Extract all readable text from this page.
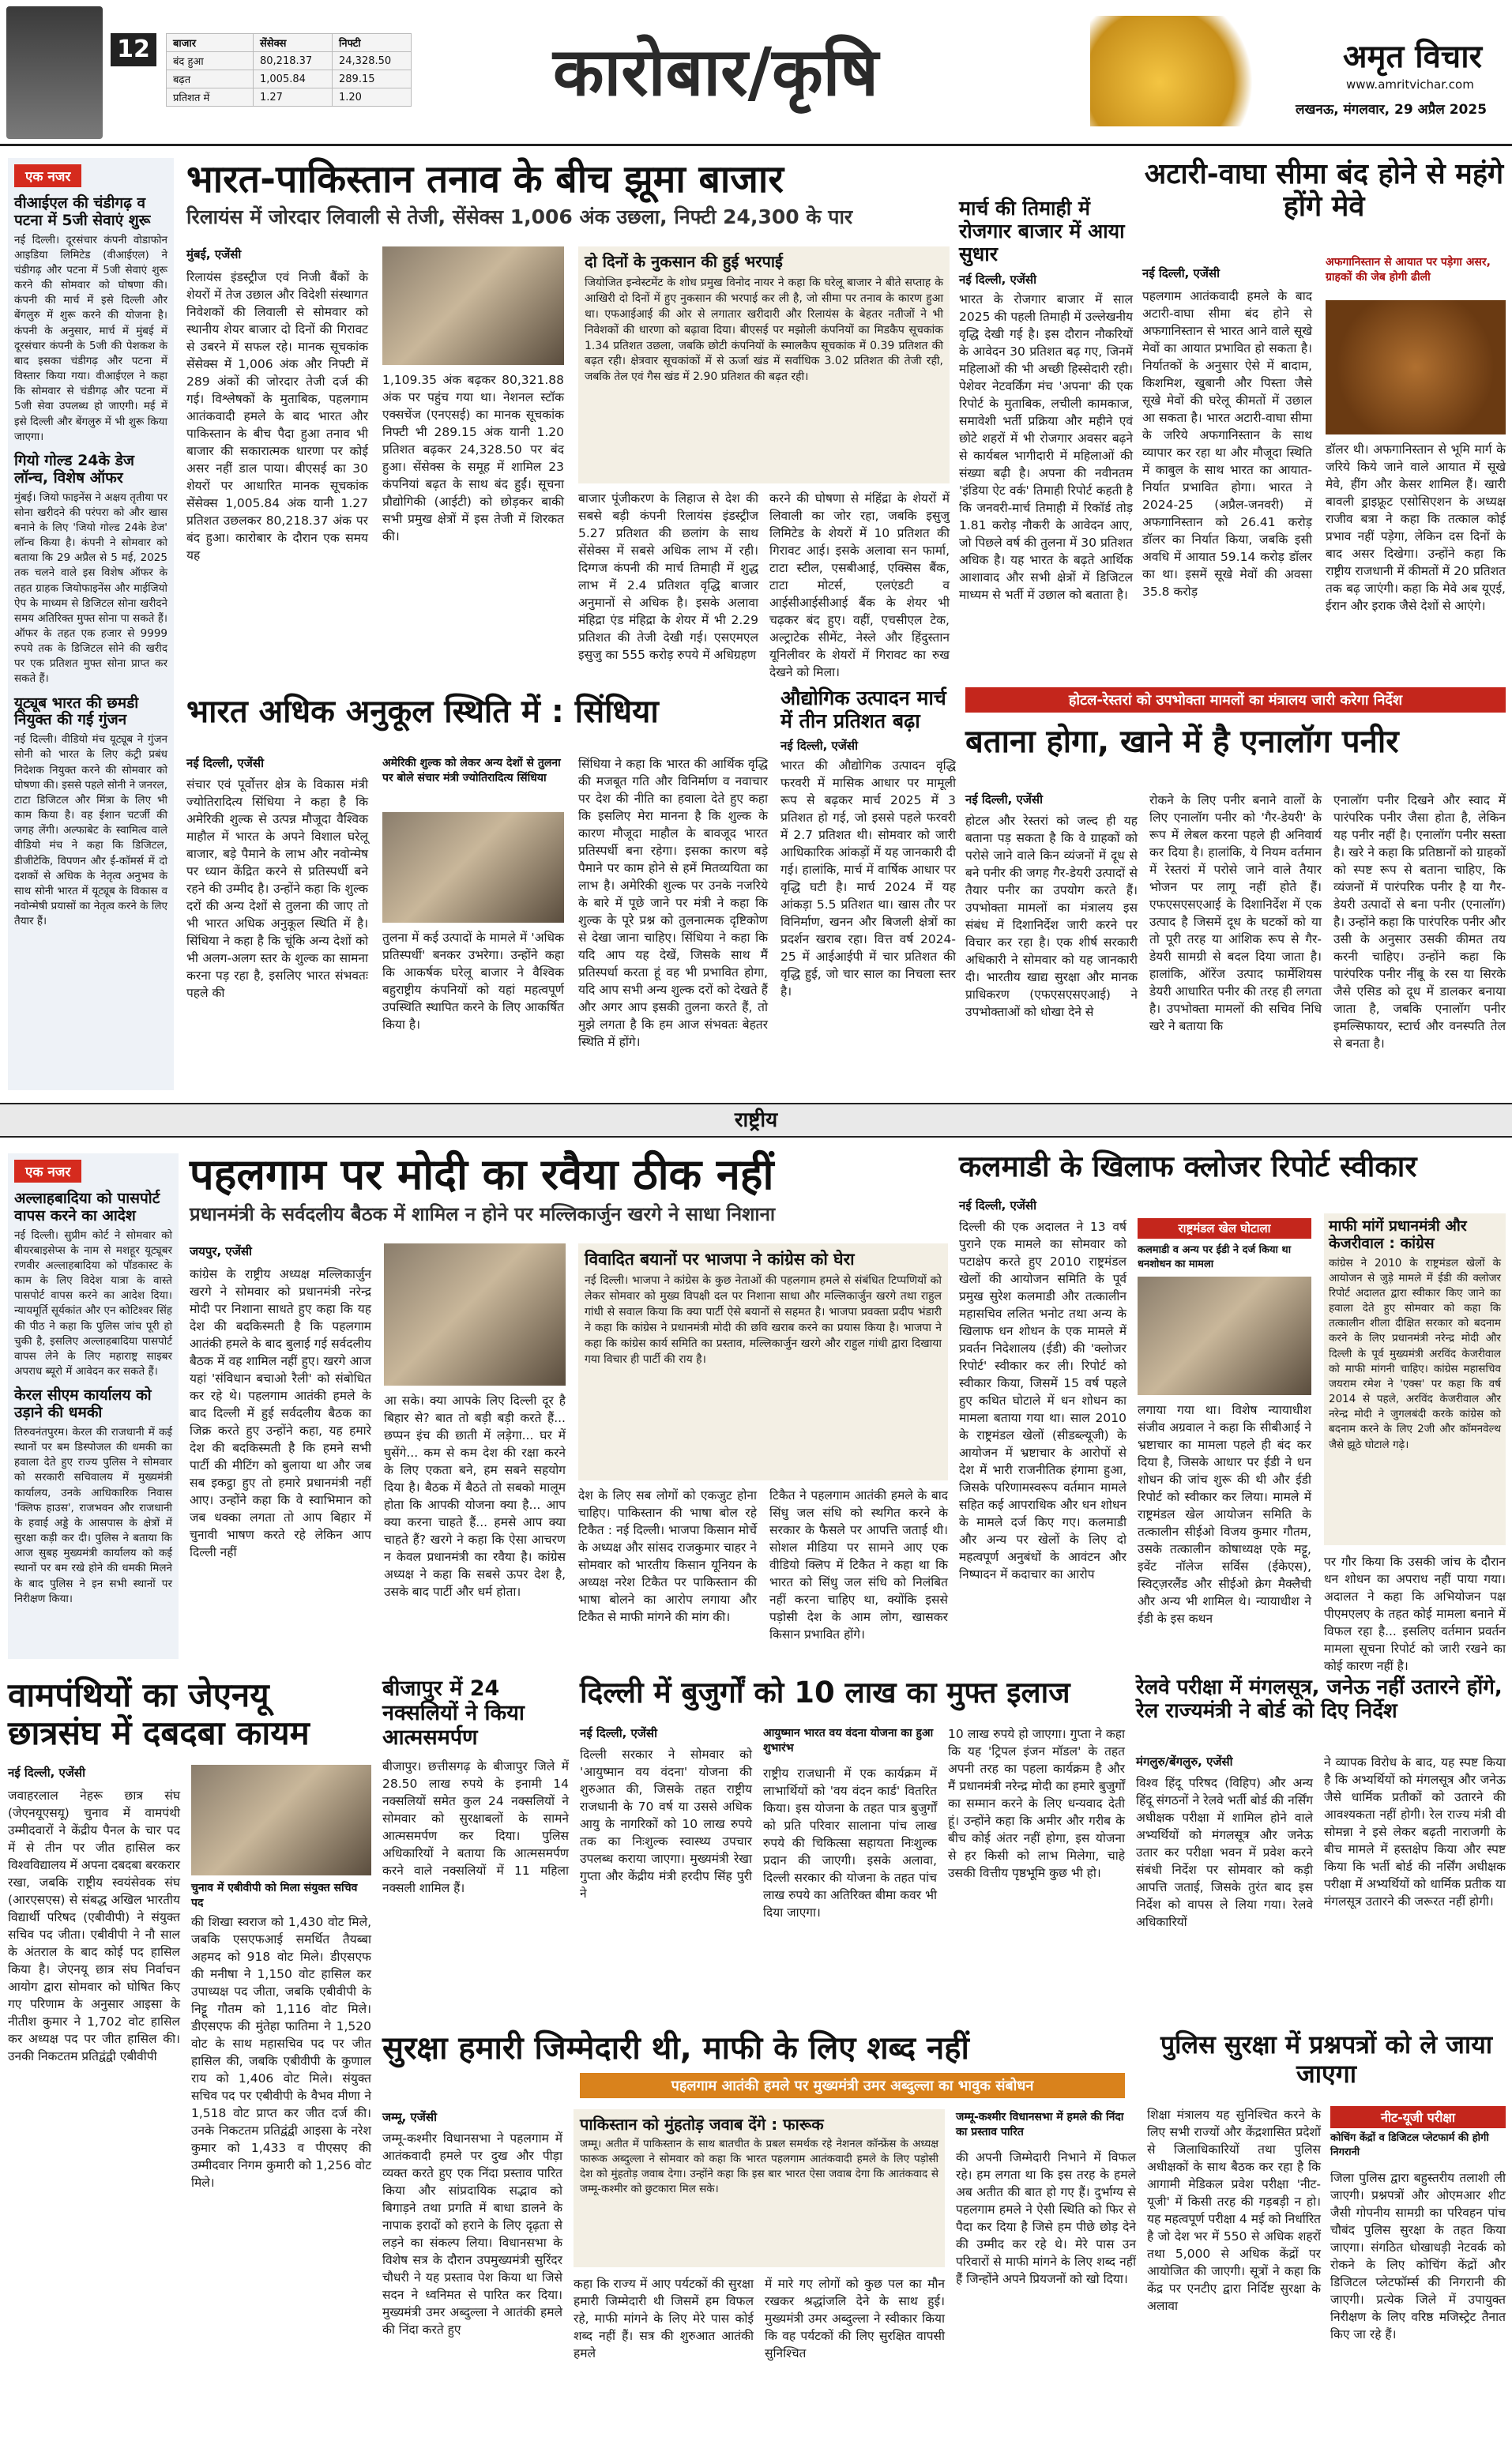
12	बाजार	सेंसेक्स	निफ्टी
बंद हुआ	80,218.37	24,328.50
बढ़त	1,005.84	289.15
प्रतिशत में	1.27	1.20	कारोबार/कृषि	अमृत विचार
www.amritvichar.com
लखनऊ, मंगलवार, 29 अप्रैल 2025
एक नजर
वीआईएल की चंडीगढ़ व पटना में 5जी सेवाएं शुरू
नई दिल्ली। दूरसंचार कंपनी वोडाफोन आइडिया लिमिटेड (वीआईएल) ने चंडीगढ़ और पटना में 5जी सेवाएं शुरू करने की सोमवार को घोषणा की। कंपनी की मार्च में इसे दिल्ली और बेंगलुरु में शुरू करने की योजना है। कंपनी के अनुसार, मार्च में मुंबई में दूरसंचार कंपनी के 5जी की पेशकश के बाद इसका चंडीगढ़ और पटना में विस्तार किया गया। वीआईएल ने कहा कि सोमवार से चंडीगढ़ और पटना में 5जी सेवा उपलब्ध हो जाएगी। मई में इसे दिल्ली और बेंगलुरु में भी शुरू किया जाएगा।
गियो गोल्ड 24के डेज लॉन्च, विशेष ऑफर
मुंबई। जियो फाइनेंस ने अक्षय तृतीया पर सोना खरीदने की परंपरा को और खास बनाने के लिए 'जियो गोल्ड 24के डेज' लॉन्च किया है। कंपनी ने सोमवार को बताया कि 29 अप्रैल से 5 मई, 2025 तक चलने वाले इस विशेष ऑफर के तहत ग्राहक जियोफाइनेंस और माईजियो ऐप के माध्यम से डिजिटल सोना खरीदने समय अतिरिक्त मुफ्त सोना पा सकते हैं। ऑफर के तहत एक हजार से 9999 रुपये तक के डिजिटल सोने की खरीद पर एक प्रतिशत मुफ्त सोना प्राप्त कर सकते हैं।
यूट्यूब भारत की छमडी नियुक्त की गई गुंजन
नई दिल्ली। वीडियो मंच यूट्यूब ने गुंजन सोनी को भारत के लिए कंट्री प्रबंध निदेशक नियुक्त करने की सोमवार को घोषणा की। इससे पहले सोनी ने जनरल, टाटा डिजिटल और मिंत्रा के लिए भी काम किया है। वह ईशान चटर्जी की जगह लेंगी। अल्फाबेट के स्वामित्व वाले वीडियो मंच ने कहा कि डिजिटल, डीजीटेकि, विपणन और ई-कॉमर्स में दो दशकों से अधिक के नेतृत्व अनुभव के साथ सोनी भारत में यूट्यूब के विकास व नवोन्मेषी प्रयासों का नेतृत्व करने के लिए तैयार हैं।
भारत-पाकिस्तान तनाव के बीच झूमा बाजार
रिलायंस में जोरदार लिवाली से तेजी, सेंसेक्स 1,006 अंक उछला, निफ्टी 24,300 के पार
मुंबई, एजेंसी
रिलायंस इंडस्ट्रीज एवं निजी बैंकों के शेयरों में तेज उछाल और विदेशी संस्थागत निवेशकों की लिवाली से सोमवार को स्थानीय शेयर बाजार दो दिनों की गिरावट से उबरने में सफल रहे। मानक सूचकांक सेंसेक्स में 1,006 अंक और निफ्टी में 289 अंकों की जोरदार तेजी दर्ज की गई। विश्लेषकों के मुताबिक, पहलगाम आतंकवादी हमले के बाद भारत और पाकिस्तान के बीच पैदा हुआ तनाव भी बाजार की सकारात्मक धारणा पर कोई असर नहीं डाल पाया। बीएसई का 30 शेयरों पर आधारित मानक सूचकांक सेंसेक्स 1,005.84 अंक यानी 1.27 प्रतिशत उछलकर 80,218.37 अंक पर बंद हुआ। कारोबार के दौरान एक समय यह
1,109.35 अंक बढ़कर 80,321.88 अंक पर पहुंच गया था। नेशनल स्टॉक एक्सचेंज (एनएसई) का मानक सूचकांक निफ्टी भी 289.15 अंक यानी 1.20 प्रतिशत बढ़कर 24,328.50 पर बंद हुआ। सेंसेक्स के समूह में शामिल 23 कंपनियां बढ़त के साथ बंद हुईं। सूचना प्रौद्योगिकी (आईटी) को छोड़कर बाकी सभी प्रमुख क्षेत्रों में इस तेजी में शिरकत की।
दो दिनों के नुकसान की हुई भरपाई
जियोजित इन्वेस्टमेंट के शोध प्रमुख विनोद नायर ने कहा कि घरेलू बाजार ने बीते सप्ताह के आखिरी दो दिनों में हुए नुकसान की भरपाई कर ली है, जो सीमा पर तनाव के कारण हुआ था। एफआईआई की ओर से लगातार खरीदारी और रिलायंस के बेहतर नतीजों ने भी निवेशकों की धारणा को बढ़ावा दिया। बीएसई पर मझोली कंपनियों का मिडकैप सूचकांक 1.34 प्रतिशत उछला, जबकि छोटी कंपनियों के स्मालकैप सूचकांक में 0.39 प्रतिशत की बढ़त रही। क्षेत्रवार सूचकांकों में से ऊर्जा खंड में सर्वाधिक 3.02 प्रतिशत की तेजी रही, जबकि तेल एवं गैस खंड में 2.90 प्रतिशत की बढ़त रही।
बाजार पूंजीकरण के लिहाज से देश की सबसे बड़ी कंपनी रिलायंस इंडस्ट्रीज 5.27 प्रतिशत की छलांग के साथ सेंसेक्स में सबसे अधिक लाभ में रही। दिग्गज कंपनी की मार्च तिमाही में शुद्ध लाभ में 2.4 प्रतिशत वृद्धि बाजार अनुमानों से अधिक है। इसके अलावा मंहिद्रा एंड मंहिद्रा के शेयर में भी 2.29 प्रतिशत की तेजी देखी गई। एसएमएल इसुजु का 555 करोड़ रुपये में अधिग्रहण
करने की घोषणा से मंहिंद्रा के शेयरों में लिवाली का जोर रहा, जबकि इसुजु लिमिटेड के शेयरों में 10 प्रतिशत की गिरावट आई। इसके अलावा सन फार्मा, टाटा स्टील, एसबीआई, एक्सिस बैंक, टाटा मोटर्स, एलएंडटी व आईसीआईसीआई बैंक के शेयर भी चढ़कर बंद हुए। वहीं, एचसीएल टेक, अल्ट्राटेक सीमेंट, नेस्ले और हिंदुस्तान यूनिलीवर के शेयरों में गिरावट का रुख देखने को मिला।
मार्च की तिमाही में रोजगार बाजार में आया सुधार
नई दिल्ली, एजेंसी
भारत के रोजगार बाजार में साल 2025 की पहली तिमाही में उल्लेखनीय वृद्धि देखी गई है। इस दौरान नौकरियों के आवेदन 30 प्रतिशत बढ़ गए, जिनमें महिलाओं की भी अच्छी हिस्सेदारी रही। पेशेवर नेटवर्किंग मंच 'अपना' की एक रिपोर्ट के मुताबिक, लचीली कामकाज, समावेशी भर्ती प्रक्रिया और महीने एवं छोटे शहरों में भी रोजगार अवसर बढ़ने से कार्यबल भागीदारी में महिलाओं की संख्या बढ़ी है। अपना की नवीनतम 'इंडिया ऐट वर्क' तिमाही रिपोर्ट कहती है कि जनवरी-मार्च तिमाही में रिकॉर्ड तोड़ 1.81 करोड़ नौकरी के आवेदन आए, जो पिछले वर्ष की तुलना में 30 प्रतिशत अधिक है। यह भारत के बढ़ते आर्थिक आशावाद और सभी क्षेत्रों में डिजिटल माध्यम से भर्ती में उछाल को बताता है।
अटारी-वाघा सीमा बंद होने से महंगे होंगे मेवे
नई दिल्ली, एजेंसी
पहलगाम आतंकवादी हमले के बाद अटारी-वाघा सीमा बंद होने से अफगानिस्तान से भारत आने वाले सूखे मेवों का आयात प्रभावित हो सकता है। निर्यातकों के अनुसार ऐसे में बादाम, किशमिश, खुबानी और पिस्ता जैसे सूखे मेवों की घरेलू कीमतों में उछाल आ सकता है। भारत अटारी-वाघा सीमा के जरिये अफगानिस्तान के साथ व्यापार कर रहा था और मौजूदा स्थिति में काबुल के साथ भारत का आयात-निर्यात प्रभावित होगा। भारत ने 2024-25 (अप्रैल-जनवरी) में अफगानिस्तान को 26.41 करोड़ डॉलर का निर्यात किया, जबकि इसी अवधि में आयात 59.14 करोड़ डॉलर का था। इसमें सूखे मेवों की अवसा 35.8 करोड़
अफगानिस्तान से आयात पर पड़ेगा असर, ग्राहकों की जेब होगी ढीली
डॉलर थी। अफगानिस्तान से भूमि मार्ग के जरिये किये जाने वाले आयात में सूखे मेवे, हींग और केसर शामिल हैं। खारी बावली ड्राइफ्रूट एसोसिएशन के अध्यक्ष राजीव बत्रा ने कहा कि तत्काल कोई प्रभाव नहीं पड़ेगा, लेकिन दस दिनों के बाद असर दिखेगा। उन्होंने कहा कि राष्ट्रीय राजधानी में कीमतों में 20 प्रतिशत तक बढ़ जाएंगी। कहा कि मेवे अब यूएई, ईरान और इराक जैसे देशों से आएंगे।
भारत अधिक अनुकूल स्थिति में : सिंधिया
नई दिल्ली, एजेंसी
संचार एवं पूर्वोत्तर क्षेत्र के विकास मंत्री ज्योतिरादित्य सिंधिया ने कहा है कि अमेरिकी शुल्क से उत्पन्न मौजूदा वैश्विक माहौल में भारत के अपने विशाल घरेलू बाजार, बड़े पैमाने के लाभ और नवोन्मेष पर ध्यान केंद्रित करने से प्रतिस्पर्धी बने रहने की उम्मीद है। उन्होंने कहा कि शुल्क दरों की अन्य देशों से तुलना की जाए तो भी भारत अधिक अनुकूल स्थिति में है। सिंधिया ने कहा है कि चूंकि अन्य देशों को भी अलग-अलग स्तर के शुल्क का सामना करना पड़ रहा है, इसलिए भारत संभवतः पहले की
अमेरिकी शुल्क को लेकर अन्य देशों से तुलना पर बोले संचार मंत्री ज्योतिरादित्य सिंधिया
तुलना में कई उत्पादों के मामले में 'अधिक प्रतिस्पर्धी' बनकर उभरेगा। उन्होंने कहा कि आकर्षक घरेलू बाजार ने वैश्विक बहुराष्ट्रीय कंपनियों को यहां महत्वपूर्ण उपस्थिति स्थापित करने के लिए आकर्षित किया है।
सिंधिया ने कहा कि भारत की आर्थिक वृद्धि की मजबूत गति और विनिर्माण व नवाचार पर देश की नीति का हवाला देते हुए कहा कि इसलिए मेरा मानना है कि शुल्क के कारण मौजूदा माहौल के बावजूद भारत प्रतिस्पर्धी बना रहेगा। इसका कारण बड़े पैमाने पर काम होने से हमें मितव्ययिता का लाभ है। अमेरिकी शुल्क पर उनके नजरिये के बारे में पूछे जाने पर मंत्री ने कहा कि शुल्क के पूरे प्रश्न को तुलनात्मक दृष्टिकोण से देखा जाना चाहिए। सिंधिया ने कहा कि यदि आप यह देखें, जिसके साथ मैं प्रतिस्पर्धा करता हूं वह भी प्रभावित होगा, यदि आप सभी अन्य शुल्क दरों को देखते हैं और अगर आप इसकी तुलना करते हैं, तो मुझे लगता है कि हम आज संभवतः बेहतर स्थिति में होंगे।
औद्योगिक उत्पादन मार्च में तीन प्रतिशत बढ़ा
नई दिल्ली, एजेंसी
भारत की औद्योगिक उत्पादन वृद्धि फरवरी में मासिक आधार पर मामूली रूप से बढ़कर मार्च 2025 में 3 प्रतिशत हो गई, जो इससे पहले फरवरी में 2.7 प्रतिशत थी। सोमवार को जारी आधिकारिक आंकड़ों में यह जानकारी दी गई। हालांकि, मार्च में वार्षिक आधार पर वृद्धि घटी है। मार्च 2024 में यह आंकड़ा 5.5 प्रतिशत था। खास तौर पर विनिर्माण, खनन और बिजली क्षेत्रों का प्रदर्शन खराब रहा। वित्त वर्ष 2024-25 में आईआईपी में चार प्रतिशत की वृद्धि हुई, जो चार साल का निचला स्तर है।
होटल-रेस्तरां को उपभोक्ता मामलों का मंत्रालय जारी करेगा निर्देश
बताना होगा, खाने में है एनालॉग पनीर
नई दिल्ली, एजेंसी
होटल और रेस्तरां को जल्द ही यह बताना पड़ सकता है कि वे ग्राहकों को परोसे जाने वाले किन व्यंजनों में दूध से बने पनीर की जगह गैर-डेयरी उत्पादों से तैयार पनीर का उपयोग करते हैं। उपभोक्ता मामलों का मंत्रालय इस संबंध में दिशानिर्देश जारी करने पर विचार कर रहा है। एक शीर्ष सरकारी अधिकारी ने सोमवार को यह जानकारी दी। भारतीय खाद्य सुरक्षा और मानक प्राधिकरण (एफएसएसएआई) ने उपभोक्ताओं को धोखा देने से
रोकने के लिए पनीर बनाने वालों के लिए एनालॉग पनीर को 'गैर-डेयरी' के रूप में लेबल करना पहले ही अनिवार्य कर दिया है। हालांकि, ये नियम वर्तमान में रेस्तरां में परोसे जाने वाले तैयार भोजन पर लागू नहीं होते हैं। एफएसएसएआई के दिशानिर्देश में एक उत्पाद है जिसमें दूध के घटकों को या तो पूरी तरह या आंशिक रूप से गैर-डेयरी सामग्री से बदल दिया जाता है। हालांकि, ऑरेंज उत्पाद फार्मेशियस डेयरी आधारित पनीर की तरह ही लगता है। उपभोक्ता मामलों की सचिव निधि खरे ने बताया कि
एनालॉग पनीर दिखने और स्वाद में पारंपरिक पनीर जैसा होता है, लेकिन यह पनीर नहीं है। एनालॉग पनीर सस्ता है। खरे ने कहा कि प्रतिष्ठानों को ग्राहकों को स्पष्ट रूप से बताना चाहिए, कि व्यंजनों में पारंपरिक पनीर है या गैर-डेयरी उत्पादों से बना पनीर (एनालॉग) है। उन्होंने कहा कि पारंपरिक पनीर और उसी के अनुसार उसकी कीमत तय करनी चाहिए। उन्होंने कहा कि पारंपरिक पनीर नींबू के रस या सिरके जैसे एसिड को दूध में डालकर बनाया जाता है, जबकि एनालॉग पनीर इमल्सिफायर, स्टार्च और वनस्पति तेल से बनता है।
राष्ट्रीय
एक नजर
अल्लाहबादिया को पासपोर्ट वापस करने का आदेश
नई दिल्ली। सुप्रीम कोर्ट ने सोमवार को बीयरबाइसेप्स के नाम से मशहूर यूट्यूबर रणवीर अल्लाहबादिया को पॉडकास्ट के काम के लिए विदेश यात्रा के वास्ते पासपोर्ट वापस करने का आदेश दिया। न्यायमूर्ति सूर्यकांत और एन कोटिश्वर सिंह की पीठ ने कहा कि पुलिस जांच पूरी हो चुकी है, इसलिए अल्लाहबादिया पासपोर्ट वापस लेने के लिए महाराष्ट्र साइबर अपराध ब्यूरो में आवेदन कर सकते हैं।
केरल सीएम कार्यालय को उड़ाने की धमकी
तिरुवनंतपुरम। केरल की राजधानी में कई स्थानों पर बम डिस्पोजल की धमकी का हवाला देते हुए राज्य पुलिस ने सोमवार को सरकारी सचिवालय में मुख्यमंत्री कार्यालय, उनके आधिकारिक निवास 'क्लिफ हाउस', राजभवन और राजधानी के हवाई अड्डे के आसपास के क्षेत्रों में सुरक्षा कड़ी कर दी। पुलिस ने बताया कि आज सुबह मुख्यमंत्री कार्यालय को कई स्थानों पर बम रखे होने की धमकी मिलने के बाद पुलिस ने इन सभी स्थानों पर निरीक्षण किया।
पहलगाम पर मोदी का रवैया ठीक नहीं
प्रधानमंत्री के सर्वदलीय बैठक में शामिल न होने पर मल्लिकार्जुन खरगे ने साधा निशाना
जयपुर, एजेंसी
कांग्रेस के राष्ट्रीय अध्यक्ष मल्लिकार्जुन खरगे ने सोमवार को प्रधानमंत्री नरेन्द्र मोदी पर निशाना साधते हुए कहा कि यह देश की बदकिस्मती है कि पहलगाम आतंकी हमले के बाद बुलाई गई सर्वदलीय बैठक में वह शामिल नहीं हुए। खरगे आज यहां 'संविधान बचाओ रैली' को संबोधित कर रहे थे। पहलगाम आतंकी हमले के बाद दिल्ली में हुई सर्वदलीय बैठक का जिक्र करते हुए उन्होंने कहा, यह हमारे देश की बदकिस्मती है कि हमने सभी पार्टी की मीटिंग को बुलाया था और जब सब इकट्ठा हुए तो हमारे प्रधानमंत्री नहीं आए। उन्होंने कहा कि वे स्वाभिमान को जब धक्का लगता तो आप बिहार में चुनावी भाषण करते रहे लेकिन आप दिल्ली नहीं
आ सके। क्या आपके लिए दिल्ली दूर है बिहार से? बात तो बड़ी बड़ी करते हैं... छप्पन इंच की छाती में लड़ेगा... घर में घुसेंगे... कम से कम देश की रक्षा करने के लिए एकता बने, हम सबने सहयोग दिया है। बैठक में बैठते तो सबको मालूम होता कि आपकी योजना क्या है... आप क्या करना चाहते हैं... हमसे आप क्या चाहते हैं? खरगे ने कहा कि ऐसा आचरण न केवल प्रधानमंत्री का रवैया है। कांग्रेस अध्यक्ष ने कहा कि सबसे ऊपर देश है, उसके बाद पार्टी और धर्म होता।
विवादित बयानों पर भाजपा ने कांग्रेस को घेरा
नई दिल्ली। भाजपा ने कांग्रेस के कुछ नेताओं की पहलगाम हमले से संबंधित टिप्पणियों को लेकर सोमवार को मुख्य विपक्षी दल पर निशाना साधा और मल्लिकार्जुन खरगे तथा राहुल गांधी से सवाल किया कि क्या पार्टी ऐसे बयानों से सहमत है। भाजपा प्रवक्ता प्रदीप भंडारी ने कहा कि कांग्रेस ने प्रधानमंत्री मोदी की छवि खराब करने का प्रयास किया है। भाजपा ने कहा कि कांग्रेस कार्य समिति का प्रस्ताव, मल्लिकार्जुन खरगे और राहुल गांधी द्वारा दिखाया गया विचार ही पार्टी की राय है।
देश के लिए सब लोगों को एकजुट होना चाहिए। पाकिस्तान की भाषा बोल रहे टिकैत : नई दिल्ली। भाजपा किसान मोर्चे के अध्यक्ष और सांसद राजकुमार चाहर ने सोमवार को भारतीय किसान यूनियन के अध्यक्ष नरेश टिकैत पर पाकिस्तान की भाषा बोलने का आरोप लगाया और टिकैत से माफी मांगने की मांग की।
टिकैत ने पहलगाम आतंकी हमले के बाद सिंधु जल संधि को स्थगित करने के सरकार के फैसले पर आपत्ति जताई थी। सोशल मीडिया पर सामने आए एक वीडियो क्लिप में टिकैत ने कहा था कि भारत को सिंधु जल संधि को निलंबित नहीं करना चाहिए था, क्योंकि इससे पड़ोसी देश के आम लोग, खासकर किसान प्रभावित होंगे।
कलमाडी के खिलाफ क्लोजर रिपोर्ट स्वीकार
नई दिल्ली, एजेंसी
दिल्ली की एक अदालत ने 13 वर्ष पुराने एक मामले का सोमवार को पटाक्षेप करते हुए 2010 राष्ट्रमंडल खेलों की आयोजन समिति के पूर्व प्रमुख सुरेश कलमाडी और तत्कालीन महासचिव ललित भनोट तथा अन्य के खिलाफ धन शोधन के एक मामले में प्रवर्तन निदेशालय (ईडी) की 'क्लोजर रिपोर्ट' स्वीकार कर ली। रिपोर्ट को स्वीकार किया, जिसमें 15 वर्ष पहले हुए कथित घोटाले में धन शोधन का मामला बताया गया था। साल 2010 के राष्ट्रमंडल खेलों (सीडब्ल्यूजी) के आयोजन में भ्रष्टाचार के आरोपों से देश में भारी राजनीतिक हंगामा हुआ, जिसके परिणामस्वरूप वर्तमान मामले सहित कई आपराधिक और धन शोधन के मामले दर्ज किए गए। कलमाडी और अन्य पर खेलों के लिए दो महत्वपूर्ण अनुबंधों के आवंटन और निष्पादन में कदाचार का आरोप
राष्ट्रमंडल खेल घोटाला
कलमाडी व अन्य पर ईडी ने दर्ज किया था धनशोधन का मामला
लगाया गया था। विशेष न्यायाधीश संजीव अग्रवाल ने कहा कि सीबीआई ने भ्रष्टाचार का मामला पहले ही बंद कर दिया है, जिसके आधार पर ईडी ने धन शोधन की जांच शुरू की थी और ईडी रिपोर्ट को स्वीकार कर लिया। मामले में राष्ट्रमंडल खेल आयोजन समिति के तत्कालीन सीईओ विजय कुमार गौतम, उसके तत्कालीन कोषाध्यक्ष एके मट्टू, इवेंट नॉलेज सर्विस (ईकेएस), स्विट्ज़रलैंड और सीईओ क्रेग मैक्लैची और अन्य भी शामिल थे। न्यायाधीश ने ईडी के इस कथन
माफी मांगें प्रधानमंत्री और केजरीवाल : कांग्रेस
कांग्रेस ने 2010 के राष्ट्रमंडल खेलों के आयोजन से जुड़े मामले में ईडी की क्लोजर रिपोर्ट अदालत द्वारा स्वीकार किए जाने का हवाला देते हुए सोमवार को कहा कि तत्कालीन शीला दीक्षित सरकार को बदनाम करने के लिए प्रधानमंत्री नरेन्द्र मोदी और दिल्ली के पूर्व मुख्यमंत्री अरविंद केजरीवाल को माफी मांगनी चाहिए। कांग्रेस महासचिव जयराम रमेश ने 'एक्स' पर कहा कि वर्ष 2014 से पहले, अरविंद केजरीवाल और नरेन्द्र मोदी ने जुगलबंदी करके कांग्रेस को बदनाम करने के लिए 2जी और कॉमनवेल्थ जैसे झूठे घोटाले गढ़े।
पर गौर किया कि उसकी जांच के दौरान धन शोधन का अपराध नहीं पाया गया। अदालत ने कहा कि अभियोजन पक्ष पीएमएलए के तहत कोई मामला बनाने में विफल रहा है... इसलिए वर्तमान प्रवर्तन मामला सूचना रिपोर्ट को जारी रखने का कोई कारण नहीं है।
वामपंथियों का जेएनयू छात्रसंघ में दबदबा कायम
नई दिल्ली, एजेंसी
जवाहरलाल नेहरू छात्र संघ (जेएनयूएसयू) चुनाव में वामपंथी उम्मीदवारों ने केंद्रीय पैनल के चार पद में से तीन पर जीत हासिल कर विश्वविद्यालय में अपना दबदबा बरकरार रखा, जबकि राष्ट्रीय स्वयंसेवक संघ (आरएसएस) से संबद्ध अखिल भारतीय विद्यार्थी परिषद (एबीवीपी) ने संयुक्त सचिव पद जीता। एबीवीपी ने नौ साल के अंतराल के बाद कोई पद हासिल किया है। जेएनयू छात्र संघ निर्वाचन आयोग द्वारा सोमवार को घोषित किए गए परिणाम के अनुसार आइसा के नीतीश कुमार ने 1,702 वोट हासिल कर अध्यक्ष पद पर जीत हासिल की। उनकी निकटतम प्रतिद्वंद्वी एबीवीपी
चुनाव में एबीवीपी को मिला संयुक्त सचिव पद
की शिखा स्वराज को 1,430 वोट मिले, जबकि एसएफआई समर्थित तैयब्बा अहमद को 918 वोट मिले। डीएसएफ की मनीषा ने 1,150 वोट हासिल कर उपाध्यक्ष पद जीता, जबकि एबीवीपी के निट्टू गौतम को 1,116 वोट मिले। डीएसएफ की मुंतेहा फातिमा ने 1,520 वोट के साथ महासचिव पद पर जीत हासिल की, जबकि एबीवीपी के कुणाल राय को 1,406 वोट मिले। संयुक्त सचिव पद पर एबीवीपी के वैभव मीणा ने 1,518 वोट प्राप्त कर जीत दर्ज की। उनके निकटतम प्रतिद्वंद्वी आइसा के नरेश कुमार को 1,433 व पीएसए की उम्मीदवार निगम कुमारी को 1,256 वोट मिले।
बीजापुर में 24 नक्सलियों ने किया आत्मसमर्पण
बीजापुर। छत्तीसगढ़ के बीजापुर जिले में 28.50 लाख रुपये के इनामी 14 नक्सलियों समेत कुल 24 नक्सलियों ने सोमवार को सुरक्षाबलों के सामने आत्मसमर्पण कर दिया। पुलिस अधिकारियों ने बताया कि आत्मसमर्पण करने वाले नक्सलियों में 11 महिला नक्सली शामिल हैं।
दिल्ली में बुजुर्गों को 10 लाख का मुफ्त इलाज
नई दिल्ली, एजेंसी
दिल्ली सरकार ने सोमवार को 'आयुष्मान वय वंदना' योजना की शुरुआत की, जिसके तहत राष्ट्रीय राजधानी के 70 वर्ष या उससे अधिक आयु के नागरिकों को 10 लाख रुपये तक का निःशुल्क स्वास्थ्य उपचार उपलब्ध कराया जाएगा। मुख्यमंत्री रेखा गुप्ता और केंद्रीय मंत्री हरदीप सिंह पुरी ने
आयुष्मान भारत वय वंदना योजना का हुआ शुभारंभ
राष्ट्रीय राजधानी में एक कार्यक्रम में लाभार्थियों को 'वय वंदन कार्ड' वितरित किया। इस योजना के तहत पात्र बुजुर्गों को प्रति परिवार सालाना पांच लाख रुपये की चिकित्सा सहायता निःशुल्क प्रदान की जाएगी। इसके अलावा, दिल्ली सरकार की योजना के तहत पांच लाख रुपये का अतिरिक्त बीमा कवर भी दिया जाएगा।
10 लाख रुपये हो जाएगा। गुप्ता ने कहा कि यह 'ट्रिपल इंजन मॉडल' के तहत अपनी तरह का पहला कार्यक्रम है और मैं प्रधानमंत्री नरेन्द्र मोदी का हमारे बुजुर्गों का सम्मान करने के लिए धन्यवाद देती हूं। उन्होंने कहा कि अमीर और गरीब के बीच कोई अंतर नहीं होगा, इस योजना से हर किसी को लाभ मिलेगा, चाहे उसकी वित्तीय पृष्ठभूमि कुछ भी हो।
रेलवे परीक्षा में मंगलसूत्र, जनेऊ नहीं उतारने होंगे, रेल राज्यमंत्री ने बोर्ड को दिए निर्देश
मंगलुरु/बेंगलुरु, एजेंसी
विश्व हिंदू परिषद (विहिप) और अन्य हिंदू संगठनों ने रेलवे भर्ती बोर्ड की नर्सिंग अधीक्षक परीक्षा में शामिल होने वाले अभ्यर्थियों को मंगलसूत्र और जनेऊ उतार कर परीक्षा भवन में प्रवेश करने संबंधी निर्देश पर सोमवार को कड़ी आपत्ति जताई, जिसके तुरंत बाद इस निर्देश को वापस ले लिया गया। रेलवे अधिकारियों
ने व्यापक विरोध के बाद, यह स्पष्ट किया है कि अभ्यर्थियों को मंगलसूत्र और जनेऊ जैसे धार्मिक प्रतीकों को उतारने की आवश्यकता नहीं होगी। रेल राज्य मंत्री वी सोमन्ना ने इसे लेकर बढ़ती नाराजगी के बीच मामले में हस्तक्षेप किया और स्पष्ट किया कि भर्ती बोर्ड की नर्सिंग अधीक्षक परीक्षा में अभ्यर्थियों को धार्मिक प्रतीक या मंगलसूत्र उतारने की जरूरत नहीं होगी।
सुरक्षा हमारी जिम्मेदारी थी, माफी के लिए शब्द नहीं
पहलगाम आतंकी हमले पर मुख्यमंत्री उमर अब्दुल्ला का भावुक संबोधन
जम्मू, एजेंसी
जम्मू-कश्मीर विधानसभा ने पहलगाम में आतंकवादी हमले पर दुख और पीड़ा व्यक्त करते हुए एक निंदा प्रस्ताव पारित किया और सांप्रदायिक सद्भाव को बिगाड़ने तथा प्रगति में बाधा डालने के नापाक इरादों को हराने के लिए दृढ़ता से लड़ने का संकल्प लिया। विधानसभा के विशेष सत्र के दौरान उपमुख्यमंत्री सुरिंदर चौधरी ने यह प्रस्ताव पेश किया था जिसे सदन ने ध्वनिमत से पारित कर दिया। मुख्यमंत्री उमर अब्दुल्ला ने आतंकी हमले की निंदा करते हुए
पाकिस्तान को मुंहतोड़ जवाब देंगे : फारूक
जम्मू। अतीत में पाकिस्तान के साथ बातचीत के प्रबल समर्थक रहे नेशनल कॉन्फ्रेंस के अध्यक्ष फारूक अब्दुल्ला ने सोमवार को कहा कि भारत पहलगाम आतंकवादी हमले के लिए पड़ोसी देश को मुंहतोड़ जवाब देगा। उन्होंने कहा कि इस बार भारत ऐसा जवाब देगा कि आतंकवाद से जम्मू-कश्मीर को छुटकारा मिल सके।
कहा कि राज्य में आए पर्यटकों की सुरक्षा हमारी जिम्मेदारी थी जिसमें हम विफल रहे, माफी मांगने के लिए मेरे पास कोई शब्द नहीं हैं। सत्र की शुरुआत आतंकी हमले
में मारे गए लोगों को कुछ पल का मौन रखकर श्रद्धांजलि देने के साथ हुई। मुख्यमंत्री उमर अब्दुल्ला ने स्वीकार किया कि वह पर्यटकों की लिए सुरक्षित वापसी सुनिश्चित
जम्मू-कश्मीर विधानसभा में हमले की निंदा का प्रस्ताव पारित
की अपनी जिम्मेदारी निभाने में विफल रहे। हम लगता था कि इस तरह के हमले अब अतीत की बात हो गए हैं। दुर्भाग्य से पहलगाम हमले ने ऐसी स्थिति को फिर से पैदा कर दिया है जिसे हम पीछे छोड़ देने की उम्मीद कर रहे थे। मेरे पास उन परिवारों से माफी मांगने के लिए शब्द नहीं हैं जिन्होंने अपने प्रियजनों को खो दिया।
पुलिस सुरक्षा में प्रश्नपत्रों को ले जाया जाएगा
नीट-यूजी परीक्षा
कोचिंग केंद्रों व डिजिटल प्लेटफार्म की होगी निगरानी
शिक्षा मंत्रालय यह सुनिश्चित करने के लिए सभी राज्यों और केंद्रशासित प्रदेशों से जिलाधिकारियों तथा पुलिस अधीक्षकों के साथ बैठक कर रहा है कि आगामी मेडिकल प्रवेश परीक्षा 'नीट-यूजी' में किसी तरह की गड़बड़ी न हो। यह महत्वपूर्ण परीक्षा 4 मई को निर्धारित है जो देश भर में 550 से अधिक शहरों तथा 5,000 से अधिक केंद्रों पर आयोजित की जाएगी। सूत्रों ने कहा कि केंद्र पर एनटीए द्वारा निर्दिष्ट सुरक्षा के अलावा
जिला पुलिस द्वारा बहुस्तरीय तलाशी ली जाएगी। प्रश्नपत्रों और ओएमआर शीट जैसी गोपनीय सामग्री का परिवहन पांच चौबंद पुलिस सुरक्षा के तहत किया जाएगा। संगठित धोखाधड़ी नेटवर्क को रोकने के लिए कोचिंग केंद्रों और डिजिटल प्लेटफॉर्म्स की निगरानी की जाएगी। प्रत्येक जिले में उपायुक्त निरीक्षण के लिए वरिष्ठ मजिस्ट्रेट तैनात किए जा रहे हैं।
